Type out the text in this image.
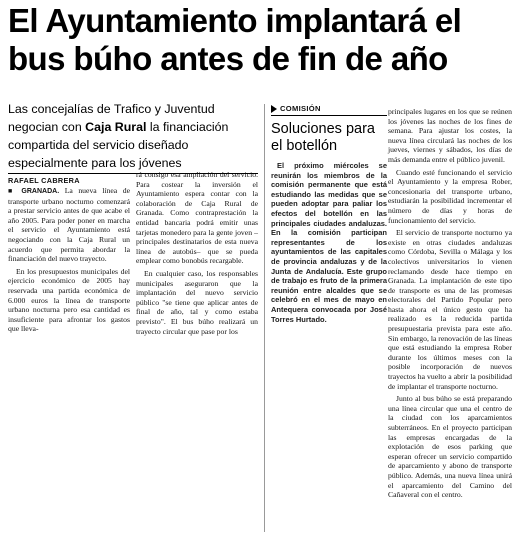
El Ayuntamiento implantará el bus búho antes de fin de año
Las concejalías de Trafico y Juventud negocian con Caja Rural la financiación compartida del servicio diseñado especialmente para los jóvenes
RAFAEL CABRERA

■ GRANADA. La nueva línea de transporte urbano nocturno comenzará a prestar servicio antes de que acabe el año 2005. Para poder poner en marcha el servicio el Ayuntamiento está negociando con la Caja Rural un acuerdo que permita abordar la financiación del nuevo trayecto.

En los presupuestos municipales del ejercicio económico de 2005 hay reservada una partida económica de 6.000 euros la línea de transporte urbano nocturna pero esa cantidad es insuficiente para afrontar los gastos que lleva-

rá consigo esa ampliación del servicio. Para costear la inversión el Ayuntamiento espera contar con la colaboración de Caja Rural de Granada. Como contraprestación la entidad bancaria podrá emitir unas tarjetas monedero para la gente joven –principales destinatarios de esta nueva línea de autobús– que se pueda emplear como bonobús recargable.

En cualquier caso, los responsables municipales aseguraron que la implantación del nuevo servicio público "se tiene que aplicar antes de final de año, tal y como estaba previsto". El bus búho realizará un trayecto circular que pase por los

COMISIÓN
Soluciones para el botellón

El próximo miércoles se reunirán los miembros de la comisión permanente que está estudiando las medidas que se pueden adoptar para paliar los efectos del botellón en las principales ciudades andaluzas. En la comisión participan representantes de los ayuntamientos de las capitales de provincia andaluzas y de la Junta de Andalucía. Este grupo de trabajo es fruto de la primera reunión entre alcaldes que se celebró en el mes de mayo en Antequera convocada por José Torres Hurtado.

principales lugares en los que se reúnen los jóvenes las noches de los fines de semana. Para ajustar los costes, la nueva línea circulará las noches de los jueves, viernes y sábados, los días de más demanda entre el público juvenil.

Cuando esté funcionando el servicio el Ayuntamiento y la empresa Rober, concesionaria del transporte urbano, estudiarán la posibilidad incrementar el número de días y horas de funcionamiento del servicio.

El servicio de transporte nocturno ya existe en otras ciudades andaluzas como Córdoba, Sevilla o Málaga y los colectivos universitarios lo vienen reclamando desde hace tiempo en Granada. La implantación de este tipo de transporte es una de las promesas electorales del Partido Popular pero hasta ahora el único gesto que ha realizado es la reducida partida presupuestaria prevista para este año. Sin embargo, la renovación de las líneas que está estudiando la empresa Rober durante los últimos meses con la posible incorporación de nuevos trayectos ha vuelto a abrir la posibilidad de implantar el transporte nocturno.

Junto al bus búho se está preparando una línea circular que una el centro de la ciudad con los aparcamientos subterráneos. En el proyecto participan las empresas encargadas de la explotación de esos parking que esperan ofrecer un servicio compartido de aparcamiento y abono de transporte público. Además, una nueva línea unirá el aparcamiento del Camino del Cañaveral con el centro.
